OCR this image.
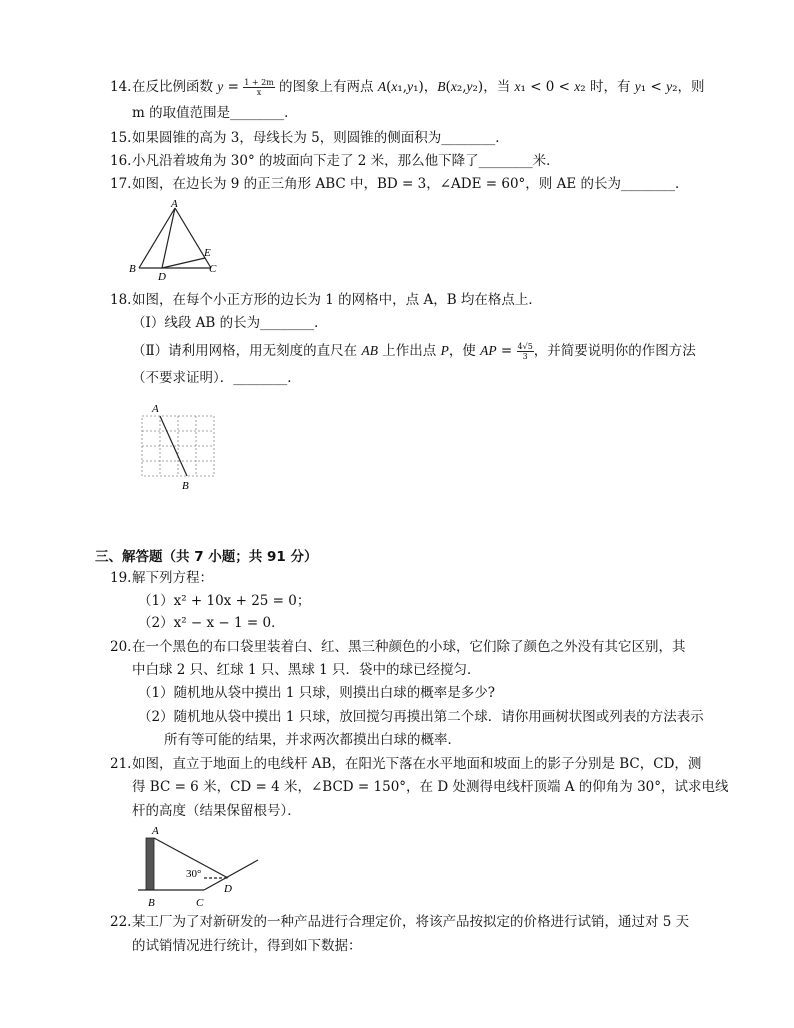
14.在反比例函数 $y = \frac{1 + 2m}{x}$ 的图象上有两点 A(x₁,y₁)，B(x₂,y₂)，当 x₁ < 0 < x₂ 时，有 y₁ < y₂，则
m 的取值范围是________．
15.如果圆锥的高为 3，母线长为 5，则圆锥的侧面积为________．
16.小凡沿着坡角为 30° 的坡面向下走了 2 米，那么他下降了________米．
17.如图，在边长为 9 的正三角形 ABC 中，BD = 3，∠ADE = 60°，则 AE 的长为________．
A
B	C
D
E
18.如图，在每个小正方形的边长为 1 的网格中，点 A，B 均在格点上．
（Ⅰ）线段 AB 的长为________．
（Ⅱ）请利用网格，用无刻度的直尺在 AB 上作出点 P，使 AP = $\frac{4√5}{3}$ ，并简要说明你的作图方法
（不要求证明）．________．
A
B
三、解答题（共 7 小题；共 91 分）
19.解下列方程：
（1）x² + 10x + 25 = 0；
（2）x² − x − 1 = 0．
20.在一个黑色的布口袋里装着白、红、黑三种颜色的小球，它们除了颜色之外没有其它区别，其
中白球 2 只、红球 1 只、黑球 1 只．袋中的球已经搅匀．
（1）随机地从袋中摸出 1 只球，则摸出白球的概率是多少?
（2）随机地从袋中摸出 1 只球，放回搅匀再摸出第二个球．请你用画树状图或列表的方法表示
所有等可能的结果，并求两次都摸出白球的概率．
21.如图，直立于地面上的电线杆 AB，在阳光下落在水平地面和坡面上的影子分别是 BC，CD，测
得 BC = 6 米，CD = 4 米，∠BCD = 150°，在 D 处测得电线杆顶端 A 的仰角为 30°，试求电线
杆的高度（结果保留根号）．
A
B	C
D
30°
22.某工厂为了对新研发的一种产品进行合理定价，将该产品按拟定的价格进行试销，通过对 5 天
的试销情况进行统计，得到如下数据：
